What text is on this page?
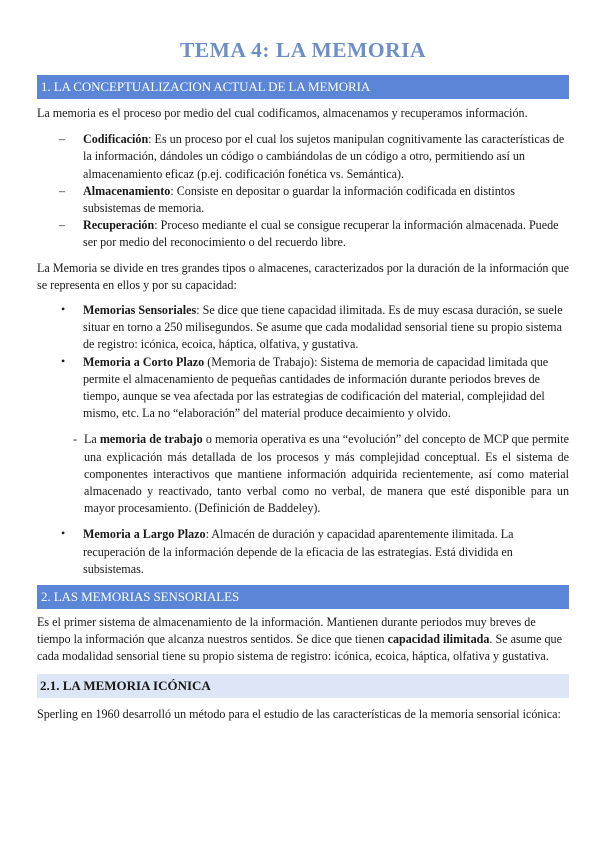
TEMA 4: LA MEMORIA
1. LA CONCEPTUALIZACION ACTUAL DE LA MEMORIA

La memoria es el proceso por medio del cual codificamos, almacenamos y recuperamos información.

– Codificación: Es un proceso por el cual los sujetos manipulan cognitivamente las características de la información, dándoles un código o cambiándolas de un código a otro, permitiendo así un almacenamiento eficaz (p.ej. codificación fonética vs. Semántica).
– Almacenamiento: Consiste en depositar o guardar la información codificada en distintos subsistemas de memoria.
– Recuperación: Proceso mediante el cual se consigue recuperar la información almacenada. Puede ser por medio del reconocimiento o del recuerdo libre.

La Memoria se divide en tres grandes tipos o almacenes, caracterizados por la duración de la información que se representa en ellos y por su capacidad:

• Memorias Sensoriales: Se dice que tiene capacidad ilimitada. Es de muy escasa duración, se suele situar en torno a 250 milisegundos. Se asume que cada modalidad sensorial tiene su propio sistema de registro: icónica, ecoica, háptica, olfativa, y gustativa.
• Memoria a Corto Plazo (Memoria de Trabajo): Sistema de memoria de capacidad limitada que permite el almacenamiento de pequeñas cantidades de información durante periodos breves de tiempo, aunque se vea afectada por las estrategias de codificación del material, complejidad del mismo, etc. La no “elaboración” del material produce decaimiento y olvido.
- La memoria de trabajo o memoria operativa es una “evolución” del concepto de MCP que permite una explicación más detallada de los procesos y más complejidad conceptual. Es el sistema de componentes interactivos que mantiene información adquirida recientemente, así como material almacenado y reactivado, tanto verbal como no verbal, de manera que esté disponible para un mayor procesamiento. (Definición de Baddeley).
• Memoria a Largo Plazo: Almacén de duración y capacidad aparentemente ilimitada. La recuperación de la información depende de la eficacia de las estrategias. Está dividida en subsistemas.
2. LAS MEMORIAS SENSORIALES

Es el primer sistema de almacenamiento de la información. Mantienen durante periodos muy breves de tiempo la información que alcanza nuestros sentidos. Se dice que tienen capacidad ilimitada. Se asume que cada modalidad sensorial tiene su propio sistema de registro: icónica, ecoica, háptica, olfativa y gustativa.

2.1. LA MEMORIA ICÓNICA

Sperling en 1960 desarrolló un método para el estudio de las características de la memoria sensorial icónica:
